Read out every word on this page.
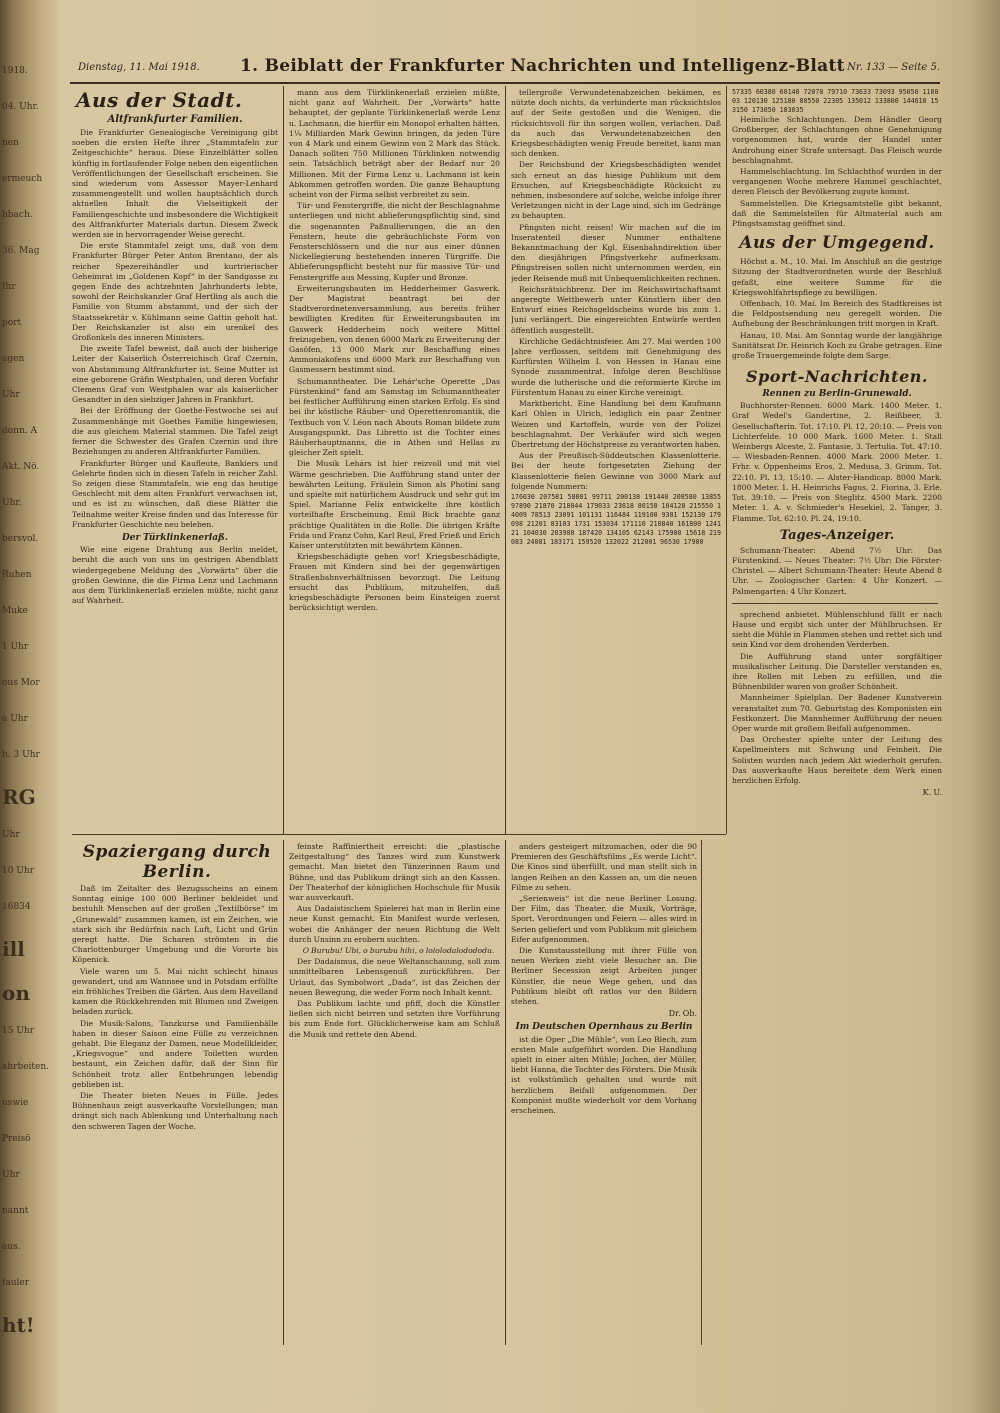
1918.
04. Uhr.
nen
ermeuch
hbach.
36. Mag
Ihr
port
agen
Uhr
donn. A
Akt. Nö.
Uhr.
bersvol.
Ruhen
Muke
1 Uhr
ous Mor
a Uhr
h. 3 Uhr
RG
Uhr
10 Uhr
16834
ill
on
15 Uhr
ahrbeiten.
uswie
Preisö
Uhr
nannt
aus.
fauler
ht!
Dienstag, 11. Mai 1918. 1. Beiblatt der Frankfurter Nachrichten und Intelligenz-Blatt Nr. 133 — Seite 5.
Aus der Stadt.
Altfrankfurter Familien.

Die Frankfurter Genealogische Vereinigung gibt soeben die ersten Hefte ihrer „Stammtafeln zur Zeitgeschichte“ heraus. Diese Einzelblätter sollen künftig in fortlaufender Folge neben den eigentlichen Veröffentlichungen der Gesellschaft erscheinen. Sie sind wiederum vom Assessor Mayer-Lenhard zusammengestellt und wollen hauptsächlich durch aktuellen Inhalt die Vielseitigkeit der Familiengeschichte und insbesondere die Wichtigkeit des Altfrankfurter Materials dartun. Diesem Zweck werden sie in hervorragender Weise gerecht.

Die erste Stammtafel zeigt uns, daß von dem Frankfurter Bürger Peter Anton Brentano, der als reicher Spezereihändler und kurtrierischer Geheimrat im „Goldenen Kopf“ in der Sandgasse zu gegen Ende des achtzehnten Jahrhunderts lebte, sowohl der Reichskanzler Graf Hertling als auch die Familie von Stumm abstammt, und der sich der Staatssekretär v. Kühlmann seine Gattin geholt hat. Der Reichskanzler ist also ein urenkel des Großonkels des inneren Ministers.

Die zweite Tafel beweist, daß auch der bisherige Leiter der Kaiserlich Österreichisch Graf Czernin, von Abstammung Altfrankfurter ist. Seine Mutter ist eine geborene Gräfin Westphalen, und deren Vorfahr Clemens Graf von Westphalen war als kaiserlicher Gesandter in den siebziger Jahren in Frankfurt.

Bei der Eröffnung der Goethe-Festwoche sei auf Zusammenhänge mit Goethes Familie hingewiesen, die aus gleichem Material stammen. Die Tafel zeigt ferner die Schwester des Grafen Czernin und ihre Beziehungen zu anderen Altfrankfurter Familien.

Frankfurter Bürger und Kaufleute, Bankiers und Gelehrte finden sich in diesen Tafeln in reicher Zahl. So zeigen diese Stammtafeln, wie eng das heutige Geschlecht mit dem alten Frankfurt verwachsen ist, und es ist zu wünschen, daß diese Blätter die Teilnahme weiter Kreise finden und das Interesse für Frankfurter Geschichte neu beleben.

Der Türklinkenerlaß.

Wie eine eigene Drahtung aus Berlin meldet, beruht die auch von uns im gestrigen Abendblatt wiedergegebene Meldung des „Vorwärts“ über die großen Gewinne, die die Firma Lenz und Lachmann aus dem Türklinkenerlaß erzielen müßte, nicht ganz auf Wahrheit.

mann aus dem Türklinkenerlaß erzielen müßte, nicht ganz auf Wahrheit. Der „Vorwärts“ hatte behauptet, der geplante Türklinkenerlaß werde Lenz u. Lachmann, die hierfür ein Monopol erhalten hätten, 1¼ Milliarden Mark Gewinn bringen, da jeden Türe von 4 Mark und einem Gewinn von 2 Mark das Stück. Danach sollten 750 Millionen Türklinken notwendig sein. Tatsächlich beträgt aber der Bedarf nur 20 Millionen. Mit der Firma Lenz u. Lachmann ist kein Abkommen getroffen worden. Die ganze Behauptung scheint von der Firma selbst verbreitet zu sein.

Tür- und Fenstergriffe, die nicht der Beschlagnahme unterliegen und nicht ablieferungspflichtig sind, sind die sogenannten Paßnullierungen, die an den Fenstern, heute die gebräuchlichste Form von Fensterschlössern und die nur aus einer dünnen Nickellegierung bestehenden inneren Türgriffe. Die Ablieferungspflicht besteht nur für massive Tür- und Fenstergriffe aus Messing, Kupfer und Bronze.

Erweiterungsbauten im Hedderheimer Gaswerk. Der Magistrat beantragt bei der Stadtverordnetenversammlung, aus bereits früher bewilligten Krediten für Erweiterungsbauten im Gaswerk Hedderheim noch weitere Mittel freizugeben, von denen 6000 Mark zu Erweiterung der Gasöfen, 13 000 Mark zur Beschaffung eines Ammoniakofens und 6000 Mark zur Beschaffung von Gasmessern bestimmt sind.

Schumanntheater. Die Lehár'sche Operette „Das Fürstenkind“ fand am Samstag im Schumanntheater bei festlicher Aufführung einen starken Erfolg. Es sind bei ihr köstliche Räuber- und Operettenromantik, die Textbuch von V. Léon nach Abouts Roman bildete zum Ausgangspunkt. Das Libretto ist die Tochter eines Räuberhauptmanns, die in Athen und Hellas zu gleicher Zeit spielt.

Die Musik Lehárs ist hier reizvoll und mit viel Wärme geschrieben. Die Aufführung stand unter der bewährten Leitung. Fräulein Simon als Photini sang und spielte mit natürlichem Ausdruck und sehr gut im Spiel. Marianne Felix entwickelte ihre köstlich vorteilhafte Erscheinung. Emil Bick brachte ganz prächtige Qualitäten in die Rolle. Die übrigen Kräfte Frida und Franz Cohn, Karl Reul, Fred Frieß und Erich Kaiser unterstützten mit bewährtem Können.

Kriegsbeschädigte gehen vor! Kriegsbeschädigte, Frauen mit Kindern sind bei der gegenwärtigen Straßenbahnverhältnissen bevorzugt. Die Leitung ersucht das Publikum, mitzuhelfen, daß kriegsbeschädigte Personen beim Einsteigen zuerst berücksichtigt werden.

tellergroße Verwundetenabzeichen bekämen, es nützte doch nichts, da verhinderte man rücksichtslos auf der Seite gestoßen und die Wenigen, die rücksichtsvoll für ihn sorgen wollen, verlachen. Daß da auch das Verwundetenabzeichen den Kriegsbeschädigten wenig Freude bereitet, kann man sich denken.

Der Reichsbund der Kriegsbeschädigten wendet sich erneut an das hiesige Publikum mit dem Ersuchen, auf Kriegsbeschädigte Rücksicht zu nehmen, insbesondere auf solche, welche infolge ihrer Verletzungen nicht in der Lage sind, sich im Gedränge zu behaupten.

Pfingsten nicht reisen! Wir machen auf die im Inseratenteil dieser Nummer enthaltene Bekanntmachung der Kgl. Eisenbahndirektion über den diesjährigen Pfingstverkehr aufmerksam. Pfingstreisen sollen nicht unternommen werden, ein jeder Reisende muß mit Unbequemlichkeiten rechnen.

Reichsrätsichbrenz. Der im Reichswirtschaftsamt angeregte Wettbewerb unter Künstlern über den Entwurf eines Reichsgeldscheins wurde bis zum 1. Juni verlängert. Die eingereichten Entwürfe werden öffentlich ausgestellt.

Kirchliche Gedächtnisfeier. Am 27. Mai werden 100 Jahre verflossen, seitdem mit Genehmigung des Kurfürsten Wilhelm I. von Hessen in Hanau eine Synode zusammentrat. Infolge deren Beschlüsse wurde die lutherische und die reformierte Kirche im Fürstentum Hanau zu einer Kirche vereinigt.

Marktbericht. Eine Handlung bei dem Kaufmann Karl Ohlen in Ulrich, lediglich ein paar Zentner Weizen und Kartoffeln, wurde von der Polizei beschlagnahmt. Der Verkäufer wird sich wegen Übertretung der Höchstpreise zu verantworten haben.

Aus der Preußisch-Süddeutschen Klassenlotterie. Bei der heute fortgesetzten Ziehung der Klassenlotterie fielen Gewinne von 3000 Mark auf folgende Nummern:

176030 207581 58801 99711 200138 191440 208580 13855 97890 21870 218044 179033 23618 80150 104128 215550 14009 78513 23091 101131 116484 119100 9301 152130 179098 21201 83103 1731 153034 171110 210840 161800 124121 104030 203900 187420 134105 62143 175900 15618 219083 24081 183171 159520 132022 212001 96530 17900
57335 60380 60140 72070 79710 73633 73093 95050 110003 120130 125180 80550 22305 135012 133800 144610 153150 173050 183035

Heimliche Schlachtungen. Dem Händler Georg Großberger, der Schlachtungen ohne Genehmigung vorgenommen hat, wurde der Handel unter Androhung einer Strafe untersagt. Das Fleisch wurde beschlagnahmt.

Hammelschlachtung. Im Schlachthof wurden in der vergangenen Woche mehrere Hammel geschlachtet, deren Fleisch der Bevölkerung zugute kommt.

Sammelstellen. Die Kriegsamtstelle gibt bekannt, daß die Sammelstellen für Altmaterial auch am Pfingstsamstag geöffnet sind.

Aus der Umgegend.

Höchst a. M., 10. Mai. Im Anschluß an die gestrige Sitzung der Stadtverordneten wurde der Beschluß gefaßt, eine weitere Summe für die Kriegswohlfahrtspflege zu bewilligen.

Offenbach, 10. Mai. Im Bereich des Stadtkreises ist die Feldpostsendung neu geregelt worden. Die Aufhebung der Beschränkungen tritt morgen in Kraft.

Hanau, 10. Mai. Am Sonntag wurde der langjährige Sanitätsrat Dr. Heinrich Koch zu Grabe getragen. Eine große Trauergemeinde folgte dem Sarge.

Sport-Nachrichten.
Rennen zu Berlin-Grunewald.

Buchhorster-Rennen. 6000 Mark. 1400 Meter. 1. Graf Wedel's Gandertine, 2. Reißbeer, 3. Gesellschafterin. Tot. 17:10. Pl. 12, 20:10. — Preis von Lichterfelde. 10 000 Mark. 1600 Meter. 1. Stall Weinbergs Alceste, 2. Fantasie, 3. Tertulia. Tot. 47:10. — Wiesbaden-Rennen. 4000 Mark. 2000 Meter. 1. Frhr. v. Oppenheims Eros, 2. Medusa, 3. Grimm. Tot. 22:10. Pl. 13, 15:10. — Alster-Handicap. 8000 Mark. 1800 Meter. 1. H. Heinrichs Fagus, 2. Fiorina, 3. Erle. Tot. 39:10. — Preis von Steglitz. 4500 Mark. 2200 Meter. 1. A. v. Schmieder's Hesekiel, 2. Tanger, 3. Flamme. Tot. 62:10. Pl. 24, 19:10.

Tages-Anzeiger.

Schumann-Theater: Abend 7½ Uhr: Das Fürstenkind. — Neues Theater: 7½ Uhr: Die Förster-Christel. — Albert Schumann-Theater: Heute Abend 8 Uhr. — Zoologischer Garten: 4 Uhr Konzert. — Palmengarten: 4 Uhr Konzert.

sprechend anbietet. Mühlenschlund fällt er nach Hause und ergibt sich unter der Mühlbruchsen. Er sieht die Mühle in Flammen stehen und rettet sich und sein Kind vor dem drohenden Verderben.

Die Aufführung stand unter sorgfältiger musikalischer Leitung. Die Darsteller verstanden es, ihre Rollen mit Leben zu erfüllen, und die Bühnenbilder waren von großer Schönheit.

Mannheimer Spielplan. Der Badener Kunstverein veranstaltet zum 70. Geburtstag des Komponisten ein Festkonzert. Die Mannheimer Aufführung der neuen Oper wurde mit großem Beifall aufgenommen.

Das Orchester spielte unter der Leitung des Kapellmeisters mit Schwung und Feinheit. Die Solisten wurden nach jedem Akt wiederholt gerufen. Das ausverkaufte Haus bereitete dem Werk einen herzlichen Erfolg.

K. U.
Spaziergang durch Berlin.

Daß im Zeitalter des Bezugsscheins an einem Sonntag einige 100 000 Berliner bekleidet und bestuhlt Menschen auf der großen „Textilbörse“ im „Grunewald“ zusammen kamen, ist ein Zeichen, wie stark sich ihr Bedürfnis nach Luft, Licht und Grün geregt hatte. Die Scharen strömten in die Charlottenburger Umgebung und die Vororte bis Köpenick.

Viele waren um 5. Mai nicht schlecht hinaus gewandert, und am Wannsee und in Potsdam erfüllte ein fröhliches Treiben die Gärten. Aus dem Havelland kamen die Rückkehrenden mit Blumen und Zweigen beladen zurück.

Die Musik-Salons, Tanzkurse und Familienbälle haben in dieser Saison eine Fülle zu verzeichnen gehabt. Die Eleganz der Damen, neue Modellkleider, „Kriegsvogue“ und andere Toiletten wurden bestaunt, ein Zeichen dafür, daß der Sinn für Schönheit trotz aller Entbehrungen lebendig geblieben ist.

Die Theater bieten Neues in Fülle. Jedes Bühnenhaus zeigt ausverkaufte Vorstellungen; man drängt sich nach Ablenkung und Unterhaltung nach den schweren Tagen der Woche.

feinste Raffiniertheit erreicht: die „plastische Zeitgestaltung“ des Tanzes wird zum Kunstwerk gemacht. Man bietet den Tänzerinnen Raum und Bühne, und das Publikum drängt sich an den Kassen. Der Theaterhof der königlichen Hochschule für Musik war ausverkauft.

Aus Dadaistischem Spielerei hat man in Berlin eine neue Kunst gemacht. Ein Manifest wurde verlesen, wobei die Anhänger der neuen Richtung die Welt durch Unsinn zu erobern suchten.

O Burubu! Ubi, o burubu hihi, o lololodalodododu.

Der Dadaismus, die neue Weltanschauung, soll zum unmittelbaren Lebensgenuß zurückführen. Der Urlaut, das Symbolwort „Dada“, ist das Zeichen der neuen Bewegung, die weder Form noch Inhalt kennt.

Das Publikum lachte und pfiff, doch die Künstler ließen sich nicht beirren und setzten ihre Vorführung bis zum Ende fort. Glücklicherweise kam am Schluß die Musik und rettete den Abend.

anders gesteigert mitzumachen, oder die 90 Premieren des Geschäftsfilms „Es werde Licht“. Die Kinos sind überfüllt, und man stellt sich in langen Reihen an den Kassen an, um die neuen Filme zu sehen.

„Serienweis“ ist die neue Berliner Losung. Der Film, das Theater, die Musik, Vorträge, Sport, Verordnungen und Feiern — alles wird in Serien geliefert und vom Publikum mit gleichem Eifer aufgenommen.

Die Kunstausstellung mit ihrer Fülle von neuen Werken zieht viele Besucher an. Die Berliner Secession zeigt Arbeiten junger Künstler, die neue Wege gehen, und das Publikum bleibt oft ratlos vor den Bildern stehen.

Dr. Ob.
Im Deutschen Opernhaus zu Berlin

ist die Oper „Die Mühle“, von Leo Blech, zum ersten Male aufgeführt worden. Die Handlung spielt in einer alten Mühle; Jochen, der Müller, liebt Hanna, die Tochter des Försters. Die Musik ist volkstümlich gehalten und wurde mit herzlichem Beifall aufgenommen. Der Komponist mußte wiederholt vor dem Vorhang erscheinen.
